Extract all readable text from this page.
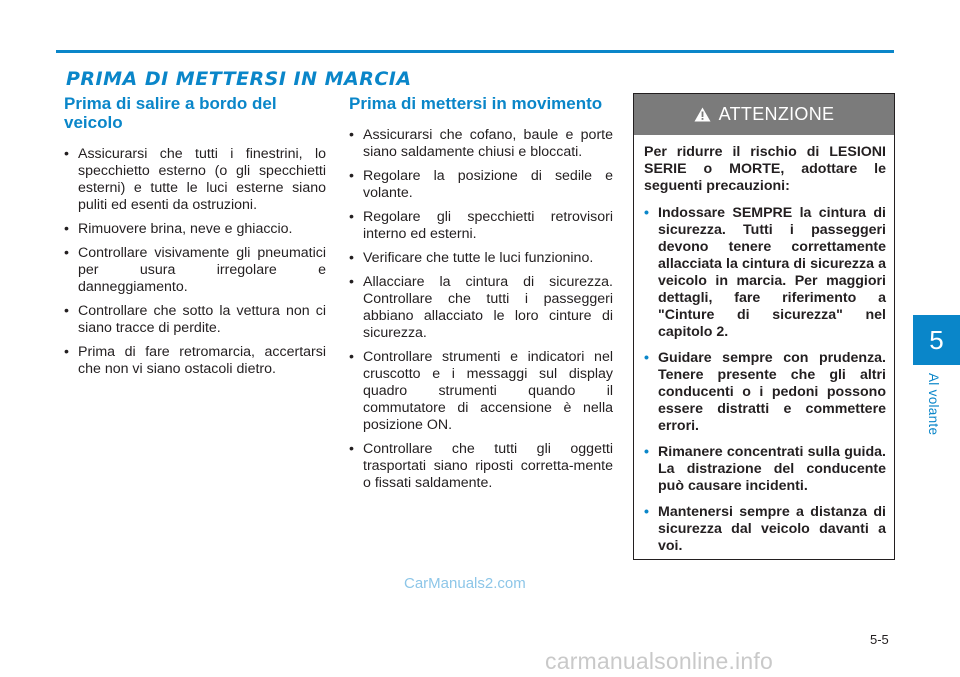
PRIMA DI METTERSI IN MARCIA
Prima di salire a bordo del veicolo
• Assicurarsi che tutti i finestrini, lo specchietto esterno (o gli specchietti esterni) e tutte le luci esterne siano puliti ed esenti da ostruzioni.
• Rimuovere brina, neve e ghiaccio.
• Controllare visivamente gli pneumatici per usura irregolare e danneggiamento.
• Controllare che sotto la vettura non ci siano tracce di perdite.
• Prima di fare retromarcia, accertarsi che non vi siano ostacoli dietro.
Prima di mettersi in movimento
• Assicurarsi che cofano, baule e porte siano saldamente chiusi e bloccati.
• Regolare la posizione di sedile e volante.
• Regolare gli specchietti retrovisori interno ed esterni.
• Verificare che tutte le luci funzionino.
• Allacciare la cintura di sicurezza. Controllare che tutti i passeggeri abbiano allacciato le loro cinture di sicurezza.
• Controllare strumenti e indicatori nel cruscotto e i messaggi sul display quadro strumenti quando il commutatore di accensione è nella posizione ON.
• Controllare che tutti gli oggetti trasportati siano riposti corretta-mente o fissati saldamente.
ATTENZIONE

Per ridurre il rischio di LESIONI SERIE o MORTE, adottare le seguenti precauzioni:

• Indossare SEMPRE la cintura di sicurezza. Tutti i passeggeri devono tenere correttamente allacciata la cintura di sicurezza a veicolo in marcia. Per maggiori dettagli, fare riferimento a "Cinture di sicurezza" nel capitolo 2.
• Guidare sempre con prudenza. Tenere presente che gli altri conducenti o i pedoni possono essere distratti e commettere errori.
• Rimanere concentrati sulla guida. La distrazione del conducente può causare incidenti.
• Mantenersi sempre a distanza di sicurezza dal veicolo davanti a voi.
5
Al volante
CarManuals2.com
5-5
carmanualsonline.info
